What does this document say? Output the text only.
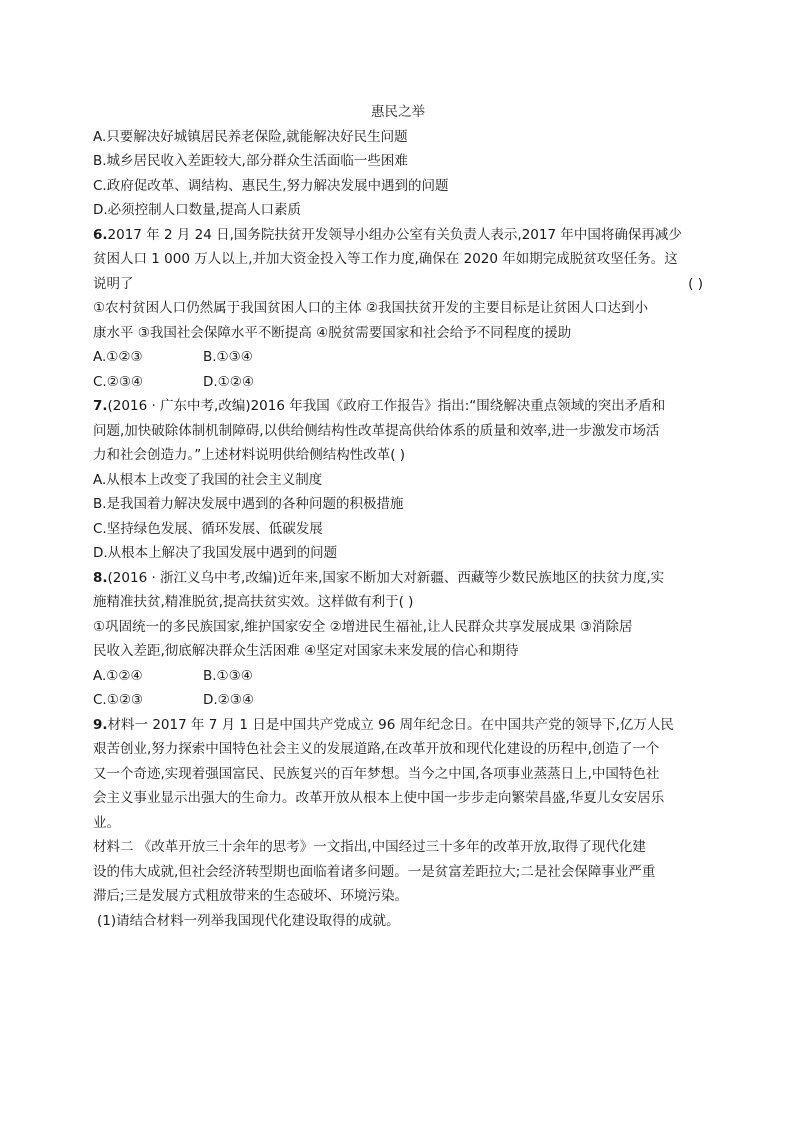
惠民之举
A.只要解决好城镇居民养老保险,就能解决好民生问题
B.城乡居民收入差距较大,部分群众生活面临一些困难
C.政府促改革、调结构、惠民生,努力解决发展中遇到的问题
D.必须控制人口数量,提高人口素质
6.2017 年 2 月 24 日,国务院扶贫开发领导小组办公室有关负责人表示,2017 年中国将确保再减少
贫困人口 1 000 万人以上,并加大资金投入等工作力度,确保在 2020 年如期完成脱贫攻坚任务。这
说明了	( )
①农村贫困人口仍然属于我国贫困人口的主体 ②我国扶贫开发的主要目标是让贫困人口达到小
康水平 ③我国社会保障水平不断提高 ④脱贫需要国家和社会给予不同程度的援助
A.①②③	B.①③④
C.②③④	D.①②④
7.(2016 · 广东中考,改编)2016 年我国《政府工作报告》指出:“围绕解决重点领域的突出矛盾和
问题,加快破除体制机制障碍,以供给侧结构性改革提高供给体系的质量和效率,进一步激发市场活
力和社会创造力。”上述材料说明供给侧结构性改革( )
A.从根本上改变了我国的社会主义制度
B.是我国着力解决发展中遇到的各种问题的积极措施
C.坚持绿色发展、循环发展、低碳发展
D.从根本上解决了我国发展中遇到的问题
8.(2016 · 浙江义乌中考,改编)近年来,国家不断加大对新疆、西藏等少数民族地区的扶贫力度,实
施精准扶贫,精准脱贫,提高扶贫实效。这样做有利于( )
①巩固统一的多民族国家,维护国家安全 ②增进民生福祉,让人民群众共享发展成果 ③消除居
民收入差距,彻底解决群众生活困难 ④坚定对国家未来发展的信心和期待
A.①②④	B.①③④
C.①②③	D.②③④
9.材料一 2017 年 7 月 1 日是中国共产党成立 96 周年纪念日。在中国共产党的领导下,亿万人民
艰苦创业,努力探索中国特色社会主义的发展道路,在改革开放和现代化建设的历程中,创造了一个
又一个奇迹,实现着强国富民、民族复兴的百年梦想。当今之中国,各项事业蒸蒸日上,中国特色社
会主义事业显示出强大的生命力。改革开放从根本上使中国一步步走向繁荣昌盛,华夏儿女安居乐
业。
材料二 《改革开放三十余年的思考》一文指出,中国经过三十多年的改革开放,取得了现代化建
设的伟大成就,但社会经济转型期也面临着诸多问题。一是贫富差距拉大;二是社会保障事业严重
滞后;三是发展方式粗放带来的生态破坏、环境污染。
(1)请结合材料一列举我国现代化建设取得的成就。
